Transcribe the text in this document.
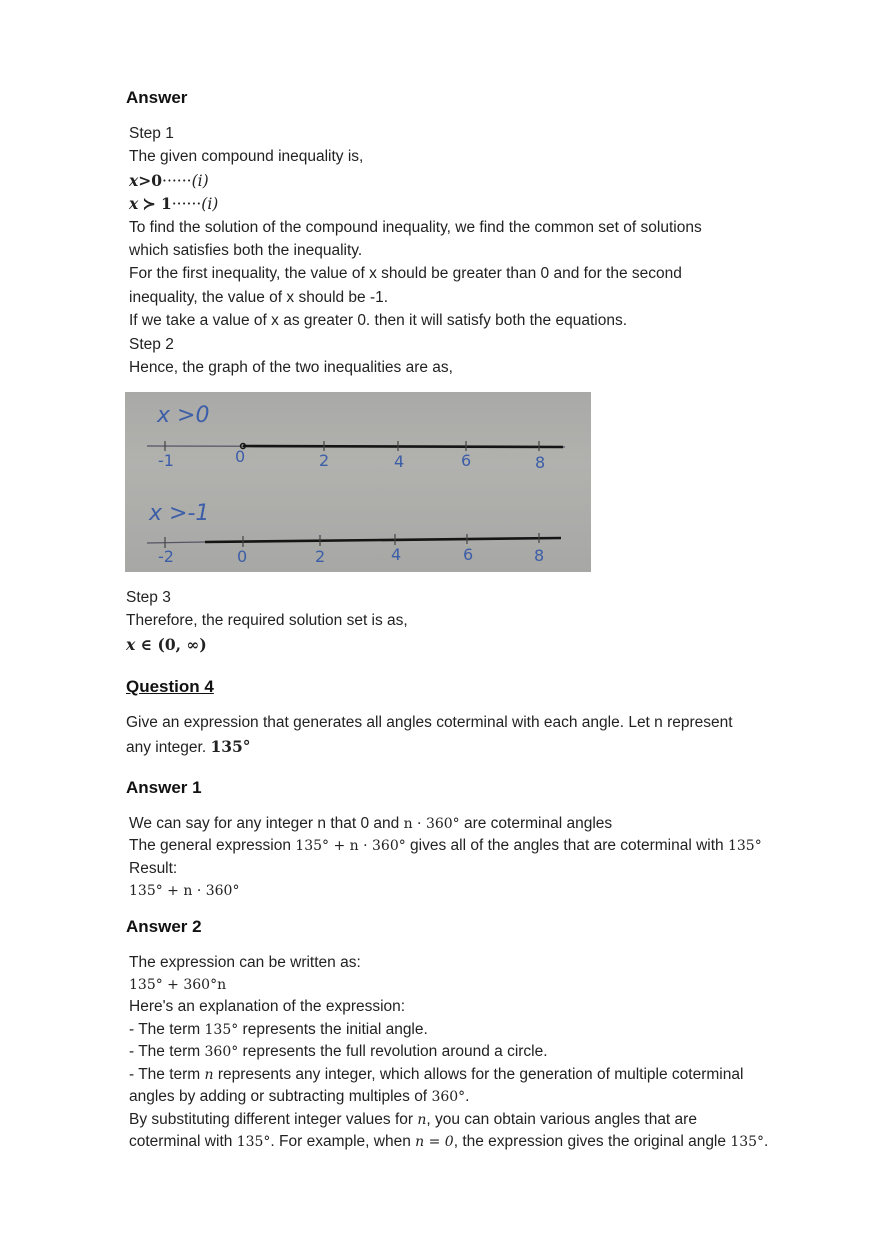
Answer
Step 1
The given compound inequality is,
x>0······(i)
x ≻ 1······(i)
To find the solution of the compound inequality, we find the common set of solutions
which satisfies both the inequality.
For the first inequality, the value of x should be greater than 0 and for the second
inequality, the value of x should be -1.
If we take a value of x as greater 0. then it will satisfy both the equations.
Step 2
Hence, the graph of the two inequalities are as,
x >0
x >-1
-1	0	2	4	6	8
-2	0	2	4	6	8
Step 3
Therefore, the required solution set is as,
x ∈ (0, ∞)
Question 4
Give an expression that generates all angles coterminal with each angle. Let n represent
any integer. 135°
Answer 1
We can say for any integer n that 0 and n · 360° are coterminal angles
The general expression 135° + n · 360° gives all of the angles that are coterminal with 135°
Result:
135° + n · 360°
Answer 2
The expression can be written as:
135° + 360°n
Here's an explanation of the expression:
- The term 135° represents the initial angle.
- The term 360° represents the full revolution around a circle.
- The term n represents any integer, which allows for the generation of multiple coterminal
angles by adding or subtracting multiples of 360°.
By substituting different integer values for n, you can obtain various angles that are
coterminal with 135°. For example, when n = 0, the expression gives the original angle 135°.
